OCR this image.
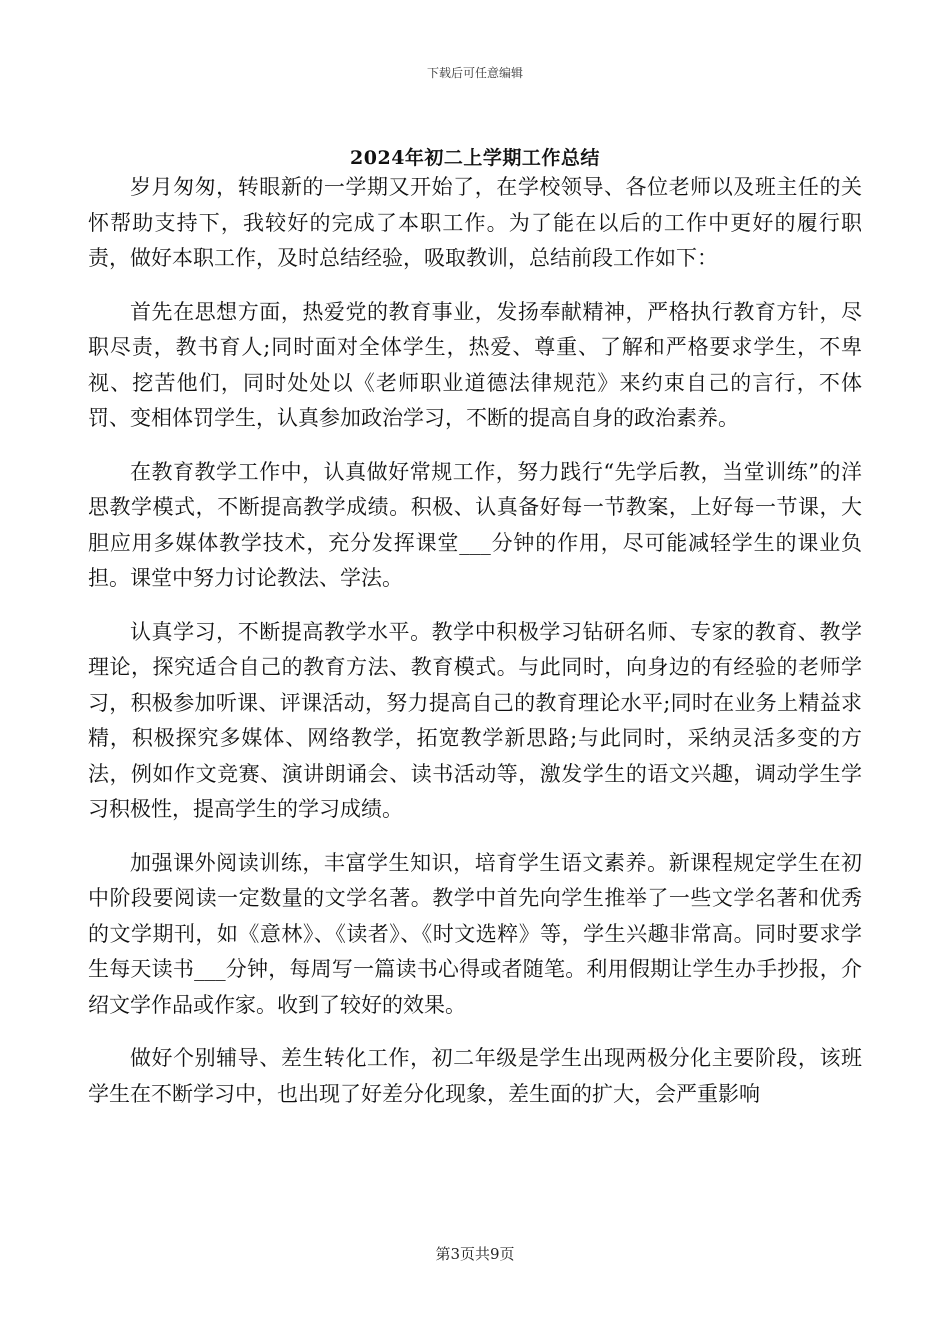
下载后可任意编辑
2024年初二上学期工作总结

岁月匆匆，转眼新的一学期又开始了，在学校领导、各位老师以及班主任的关怀帮助支持下，我较好的完成了本职工作。为了能在以后的工作中更好的履行职责，做好本职工作，及时总结经验，吸取教训，总结前段工作如下：

首先在思想方面，热爱党的教育事业，发扬奉献精神，严格执行教育方针，尽职尽责，教书育人;同时面对全体学生，热爱、尊重、了解和严格要求学生，不卑视、挖苦他们，同时处处以《老师职业道德法律规范》来约束自己的言行，不体罚、变相体罚学生，认真参加政治学习，不断的提高自身的政治素养。

在教育教学工作中，认真做好常规工作，努力践行“先学后教，当堂训练”的洋思教学模式，不断提高教学成绩。积极、认真备好每一节教案，上好每一节课，大胆应用多媒体教学技术，充分发挥课堂___分钟的作用，尽可能减轻学生的课业负担。课堂中努力讨论教法、学法。

认真学习，不断提高教学水平。教学中积极学习钻研名师、专家的教育、教学理论，探究适合自己的教育方法、教育模式。与此同时，向身边的有经验的老师学习，积极参加听课、评课活动，努力提高自己的教育理论水平;同时在业务上精益求精，积极探究多媒体、网络教学，拓宽教学新思路;与此同时，采纳灵活多变的方法，例如作文竞赛、演讲朗诵会、读书活动等，激发学生的语文兴趣，调动学生学习积极性，提高学生的学习成绩。

加强课外阅读训练，丰富学生知识，培育学生语文素养。新课程规定学生在初中阶段要阅读一定数量的文学名著。教学中首先向学生推举了一些文学名著和优秀的文学期刊，如《意林》、《读者》、《时文选粹》等，学生兴趣非常高。同时要求学生每天读书___分钟，每周写一篇读书心得或者随笔。利用假期让学生办手抄报，介绍文学作品或作家。收到了较好的效果。

做好个别辅导、差生转化工作，初二年级是学生出现两极分化主要阶段，该班学生在不断学习中，也出现了好差分化现象，差生面的扩大，会严重影响

第3页共9页
